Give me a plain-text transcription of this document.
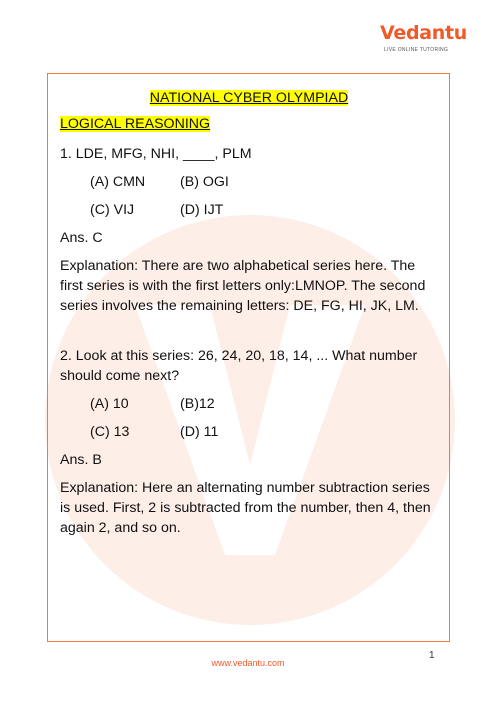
Vedantu
LIVE ONLINE TUTORING

NATIONAL CYBER OLYMPIAD

LOGICAL REASONING

1. LDE, MFG, NHI, ____, PLM

(A) CMN	(B) OGI
(C) VIJ	(D) IJT

Ans. C

Explanation: There are two alphabetical series here. The first series is with the first letters only:LMNOP. The second series involves the remaining letters: DE, FG, HI, JK, LM.

2. Look at this series: 26, 24, 20, 18, 14, ... What number should come next?

(A) 10	(B)12
(C) 13	(D) 11

Ans. B

Explanation: Here an alternating number subtraction series is used. First, 2 is subtracted from the number, then 4, then again 2, and so on.

1
www.vedantu.com
